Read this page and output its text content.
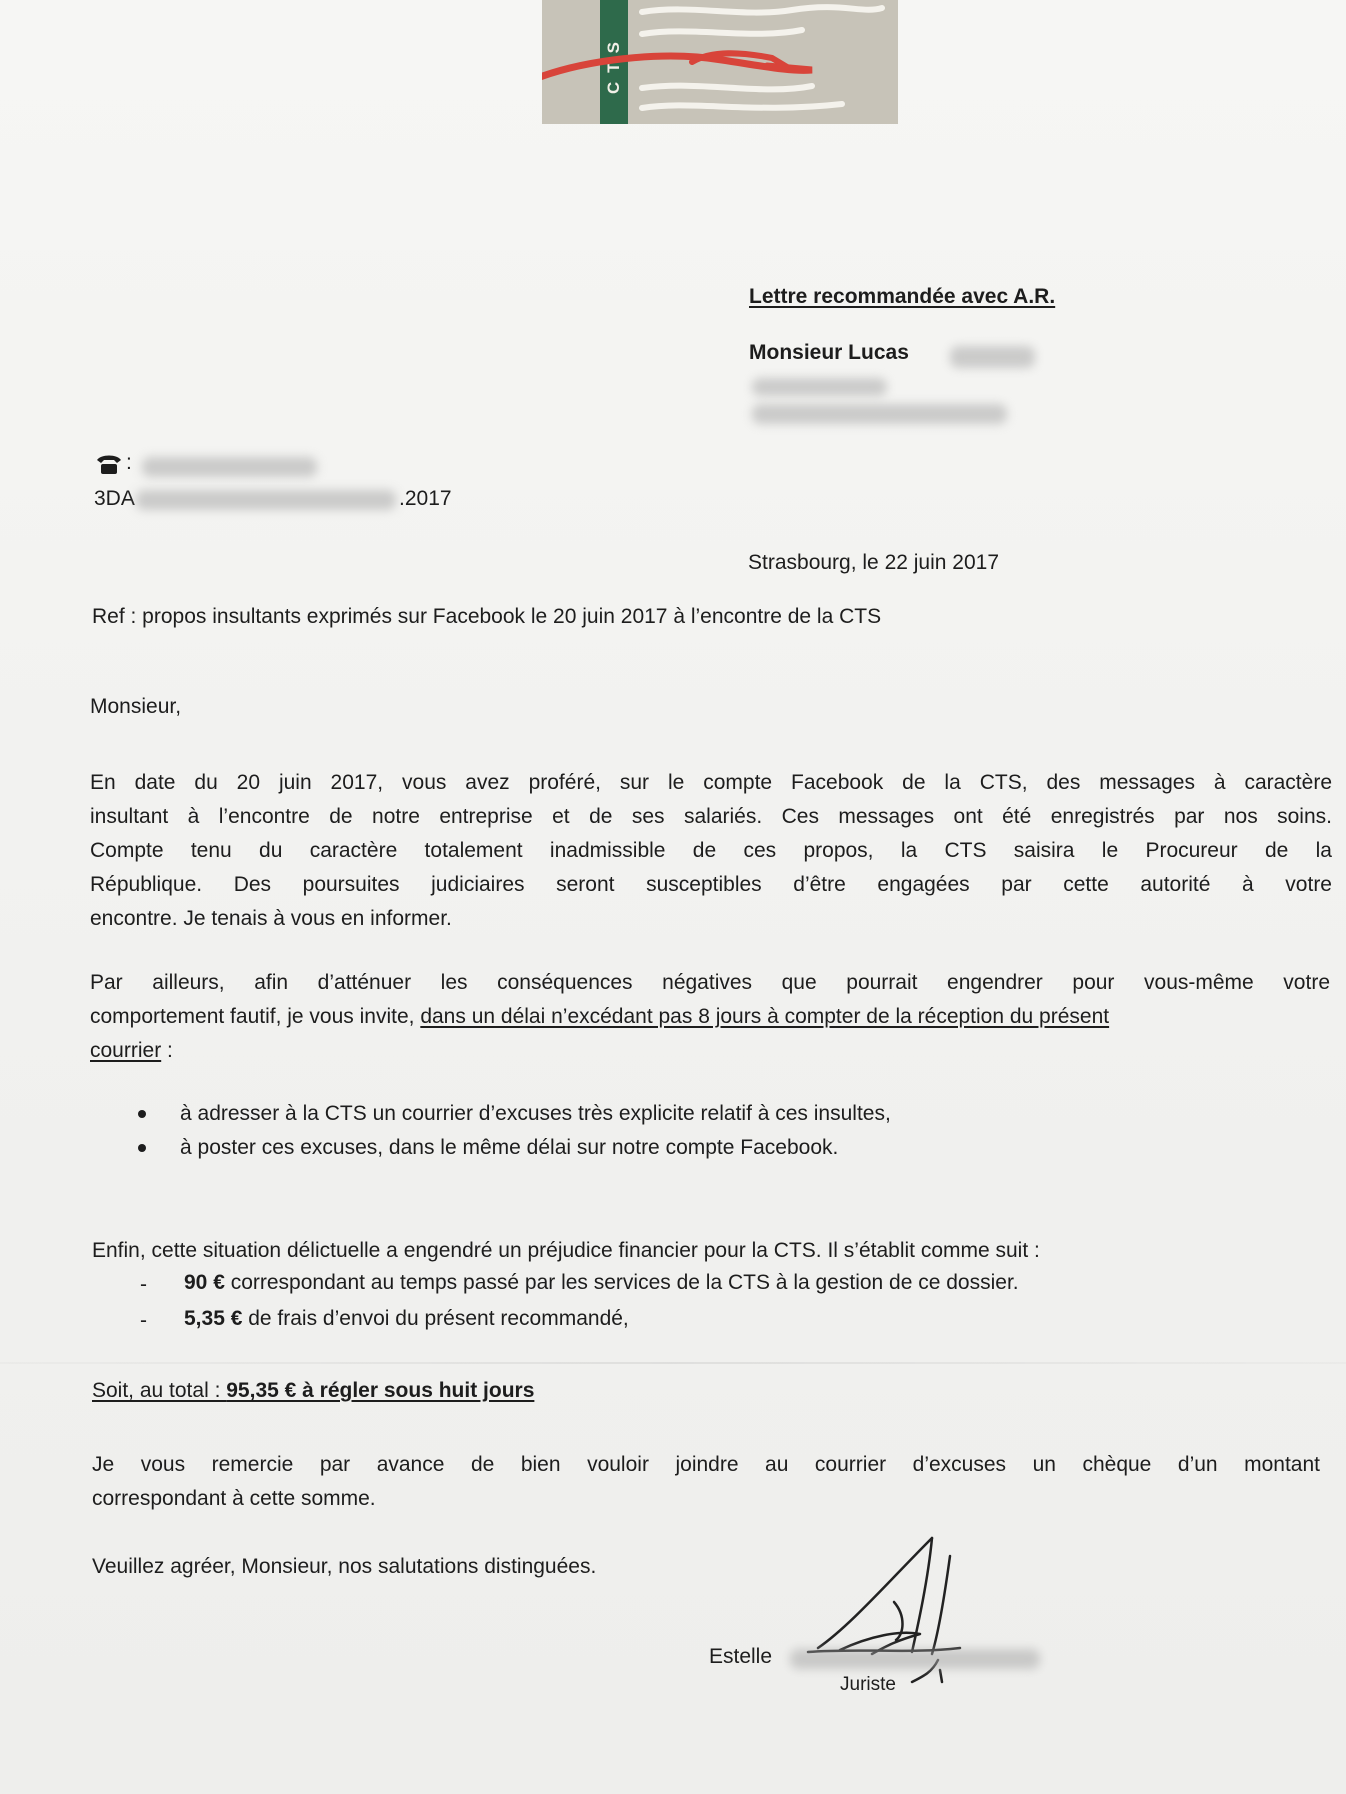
CTS
Lettre recommandée avec A.R.
Monsieur Lucas
:
3DA	.2017
Strasbourg, le 22 juin 2017
Ref : propos insultants exprimés sur Facebook le 20 juin 2017 à l’encontre de la CTS
Monsieur,
En date du 20 juin 2017, vous avez proféré, sur le compte Facebook de la CTS, des messages à caractère
insultant à l’encontre de notre entreprise et de ses salariés. Ces messages ont été enregistrés par nos soins.
Compte tenu du caractère totalement inadmissible de ces propos, la CTS saisira le Procureur de la
République. Des poursuites judiciaires seront susceptibles d’être engagées par cette autorité à votre
encontre. Je tenais à vous en informer.
Par ailleurs, afin d’atténuer les conséquences négatives que pourrait engendrer pour vous-même votre
comportement fautif, je vous invite, dans un délai n’excédant pas 8 jours à compter de la réception du présent
courrier :
à adresser à la CTS un courrier d’excuses très explicite relatif à ces insultes,
à poster ces excuses, dans le même délai sur notre compte Facebook.
Enfin, cette situation délictuelle a engendré un préjudice financier pour la CTS. Il s’établit comme suit :
- 90 € correspondant au temps passé par les services de la CTS à la gestion de ce dossier.
- 5,35 € de frais d’envoi du présent recommandé,
Soit, au total : 95,35 € à régler sous huit jours
Je vous remercie par avance de bien vouloir joindre au courrier d’excuses un chèque d’un montant
correspondant à cette somme.
Veuillez agréer, Monsieur, nos salutations distinguées.
Estelle
Juriste
